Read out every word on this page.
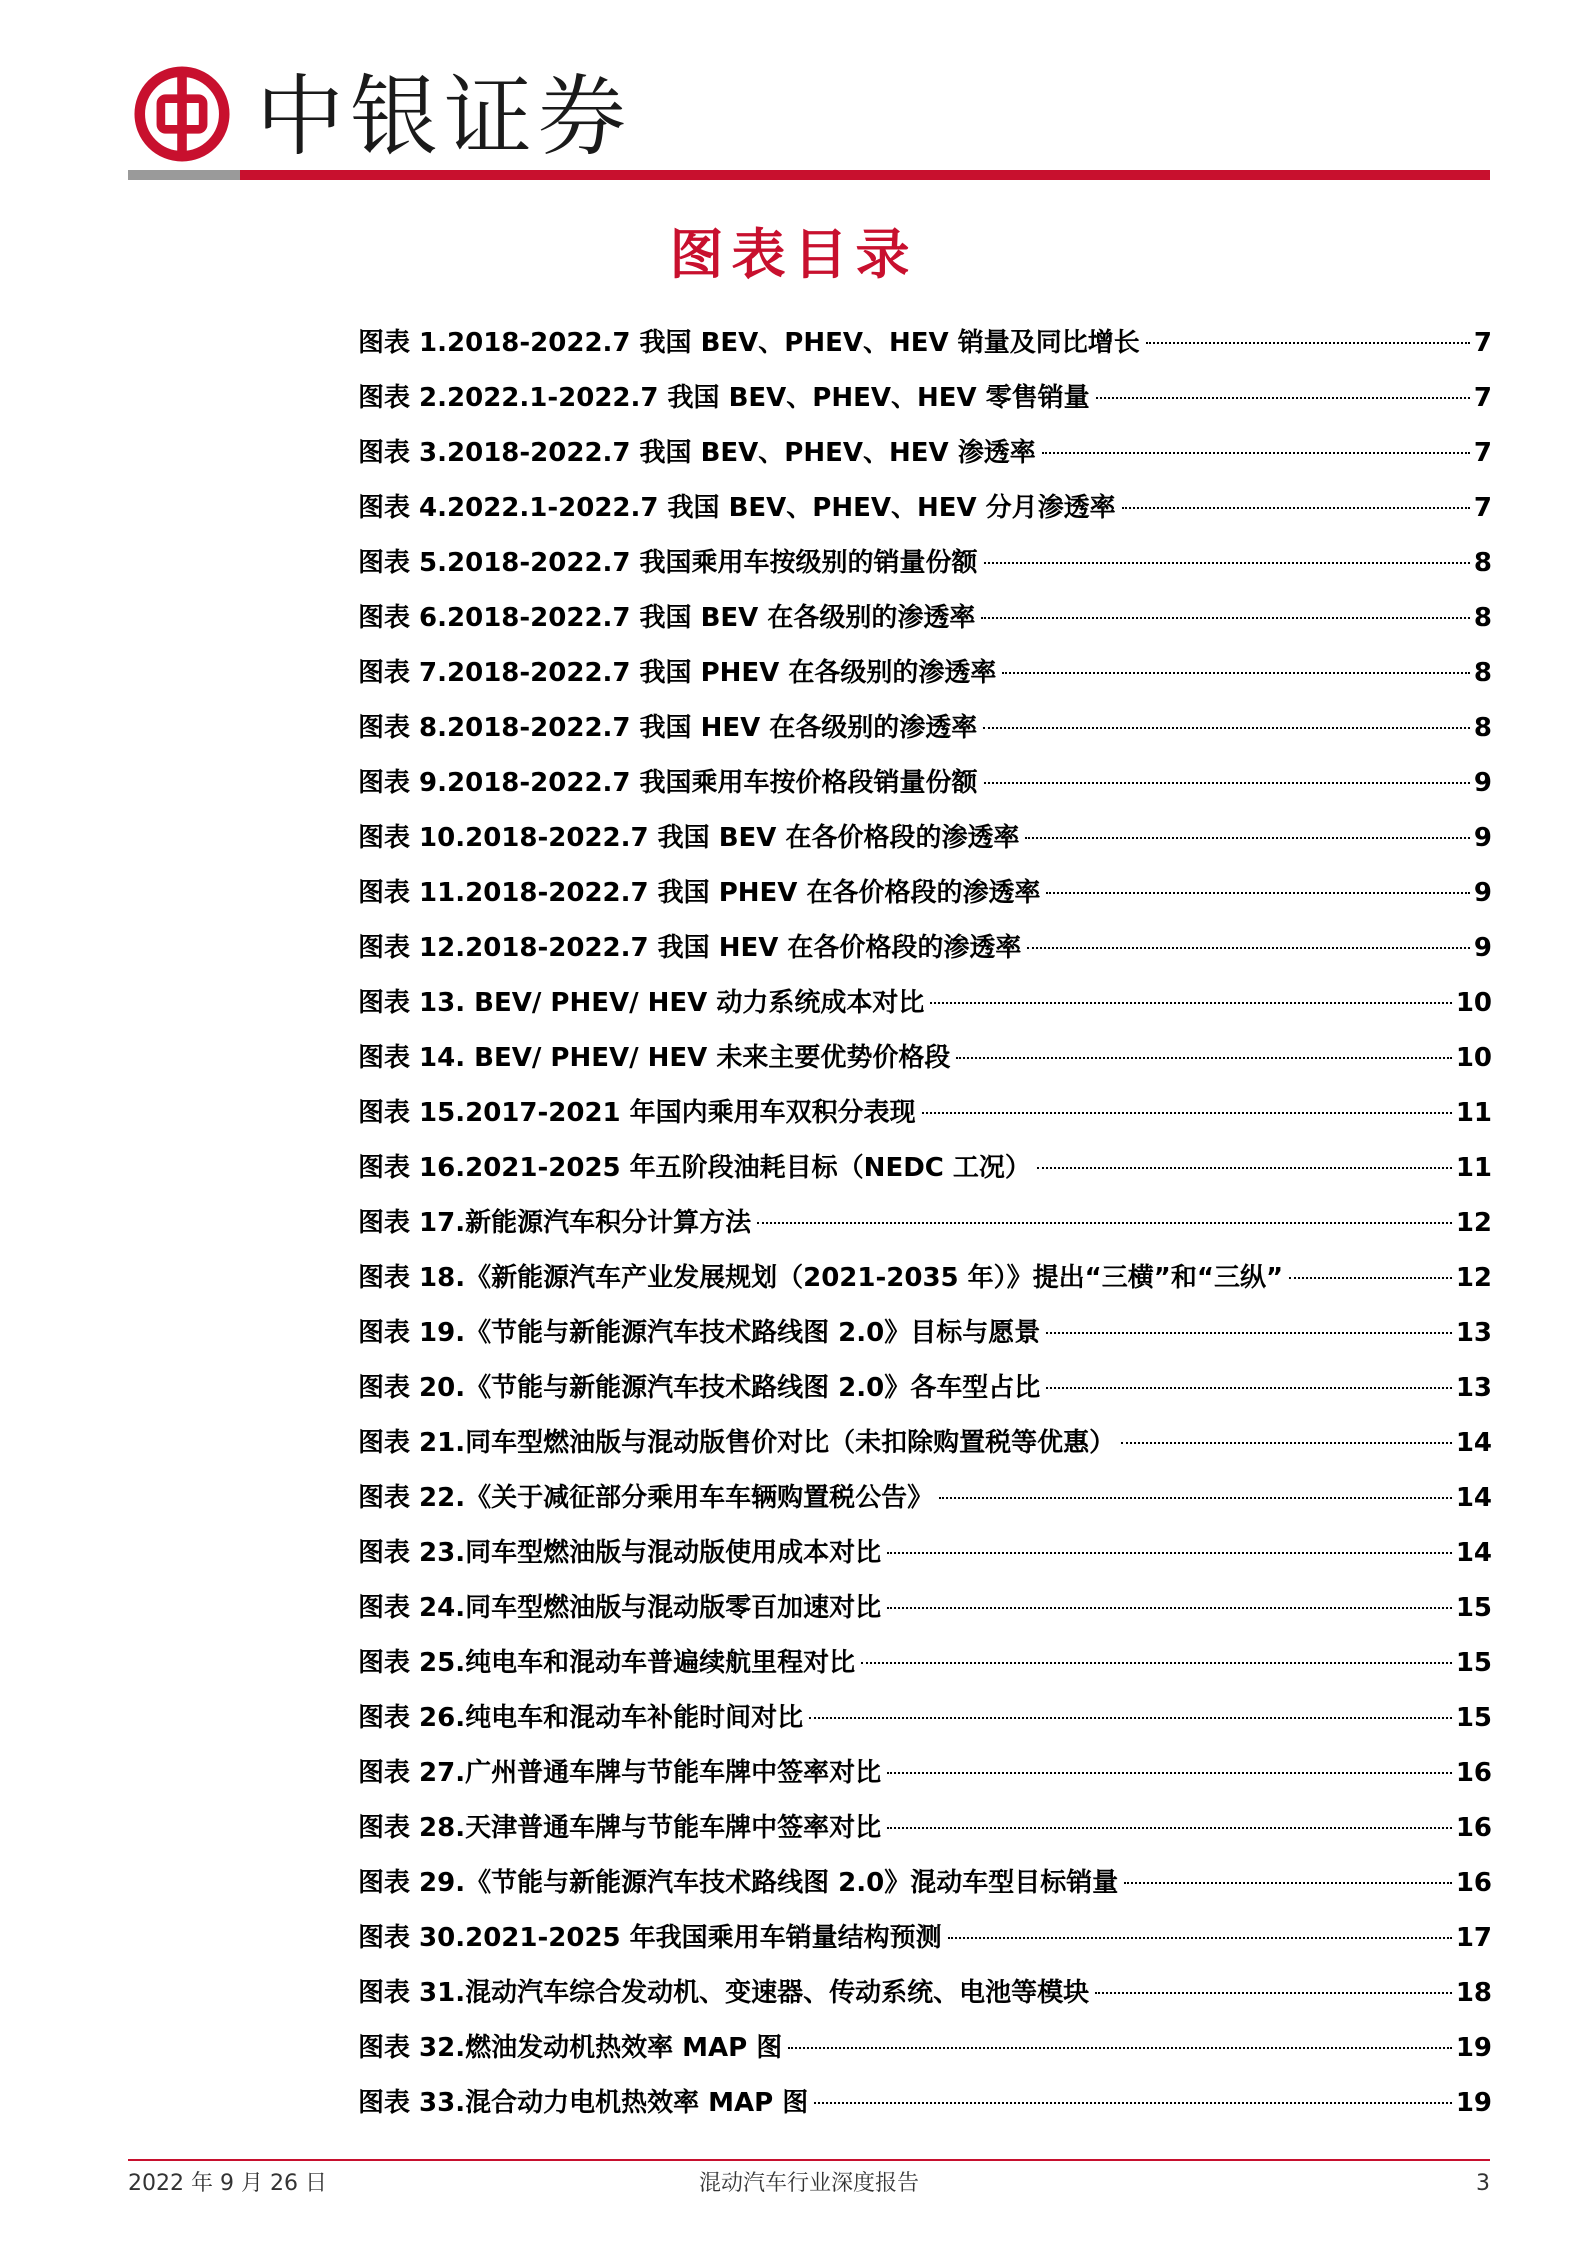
中银证券
图表目录
图表 1.2018-2022.7 我国 BEV、PHEV、HEV 销量及同比增长	7
图表 2.2022.1-2022.7 我国 BEV、PHEV、HEV 零售销量	7
图表 3.2018-2022.7 我国 BEV、PHEV、HEV 渗透率	7
图表 4.2022.1-2022.7 我国 BEV、PHEV、HEV 分月渗透率	7
图表 5.2018-2022.7 我国乘用车按级别的销量份额	8
图表 6.2018-2022.7 我国 BEV 在各级别的渗透率	8
图表 7.2018-2022.7 我国 PHEV 在各级别的渗透率	8
图表 8.2018-2022.7 我国 HEV 在各级别的渗透率	8
图表 9.2018-2022.7 我国乘用车按价格段销量份额	9
图表 10.2018-2022.7 我国 BEV 在各价格段的渗透率	9
图表 11.2018-2022.7 我国 PHEV 在各价格段的渗透率	9
图表 12.2018-2022.7 我国 HEV 在各价格段的渗透率	9
图表 13. BEV/ PHEV/ HEV 动力系统成本对比	10
图表 14. BEV/ PHEV/ HEV 未来主要优势价格段	10
图表 15.2017-2021 年国内乘用车双积分表现	11
图表 16.2021-2025 年五阶段油耗目标（NEDC 工况）	11
图表 17.新能源汽车积分计算方法	12
图表 18.《新能源汽车产业发展规划（2021-2035 年）》提出“三横”和“三纵”	12
图表 19.《节能与新能源汽车技术路线图 2.0》目标与愿景	13
图表 20.《节能与新能源汽车技术路线图 2.0》各车型占比	13
图表 21.同车型燃油版与混动版售价对比（未扣除购置税等优惠）	14
图表 22.《关于减征部分乘用车车辆购置税公告》	14
图表 23.同车型燃油版与混动版使用成本对比	14
图表 24.同车型燃油版与混动版零百加速对比	15
图表 25.纯电车和混动车普遍续航里程对比	15
图表 26.纯电车和混动车补能时间对比	15
图表 27.广州普通车牌与节能车牌中签率对比	16
图表 28.天津普通车牌与节能车牌中签率对比	16
图表 29.《节能与新能源汽车技术路线图 2.0》混动车型目标销量	16
图表 30.2021-2025 年我国乘用车销量结构预测	17
图表 31.混动汽车综合发动机、变速器、传动系统、电池等模块	18
图表 32.燃油发动机热效率 MAP 图	19
图表 33.混合动力电机热效率 MAP 图	19
2022 年 9 月 26 日	混动汽车行业深度报告	3
